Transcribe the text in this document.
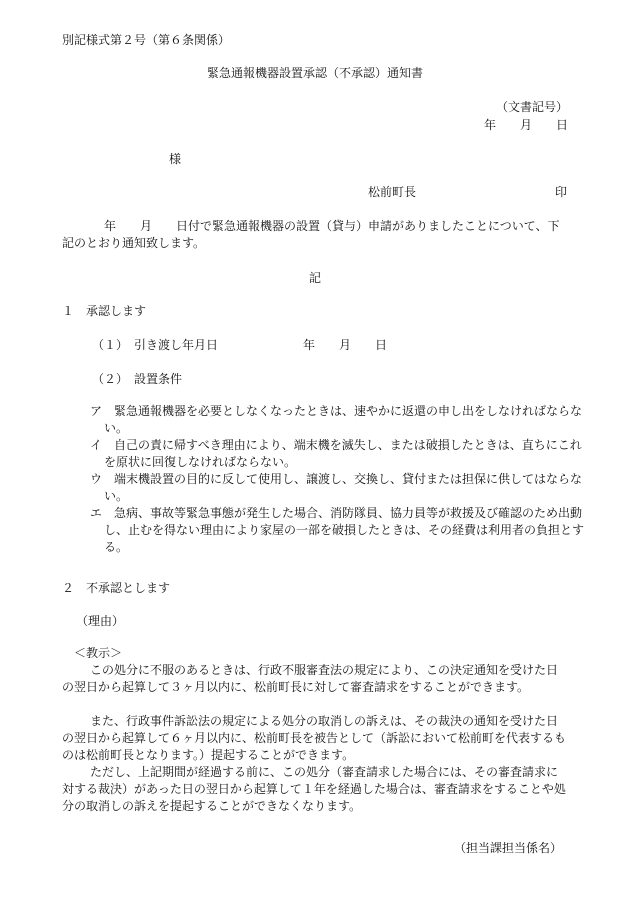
別記様式第２号（第６条関係）
緊急通報機器設置承認（不承認）通知書
（文書記号）
年　　月　　日
様
松前町長	印
年　　月　　日付で緊急通報機器の設置（貸与）申請がありましたことについて、下記のとおり通知致します。
記
１　承認します
（１）　引き渡し年月日	年　　月　　日
（２）　設置条件
ア　緊急通報機器を必要としなくなったときは、速やかに返還の申し出をしなければならない。
イ　自己の責に帰すべき理由により、端末機を滅失し、または破損したときは、直ちにこれを原状に回復しなければならない。
ウ　端末機設置の目的に反して使用し、譲渡し、交換し、貸付または担保に供してはならない。
エ　急病、事故等緊急事態が発生した場合、消防隊員、協力員等が救援及び確認のため出動し、止むを得ない理由により家屋の一部を破損したときは、その経費は利用者の負担とする。
２　不承認とします
（理由）
＜教示＞
この処分に不服のあるときは、行政不服審査法の規定により、この決定通知を受けた日の翌日から起算して３ヶ月以内に、松前町長に対して審査請求をすることができます。
また、行政事件訴訟法の規定による処分の取消しの訴えは、その裁決の通知を受けた日の翌日から起算して６ヶ月以内に、松前町長を被告として（訴訟において松前町を代表するものは松前町長となります。）提起することができます。
ただし、上記期間が経過する前に、この処分（審査請求した場合には、その審査請求に対する裁決）があった日の翌日から起算して１年を経過した場合は、審査請求をすることや処分の取消しの訴えを提起することができなくなります。
（担当課担当係名）
